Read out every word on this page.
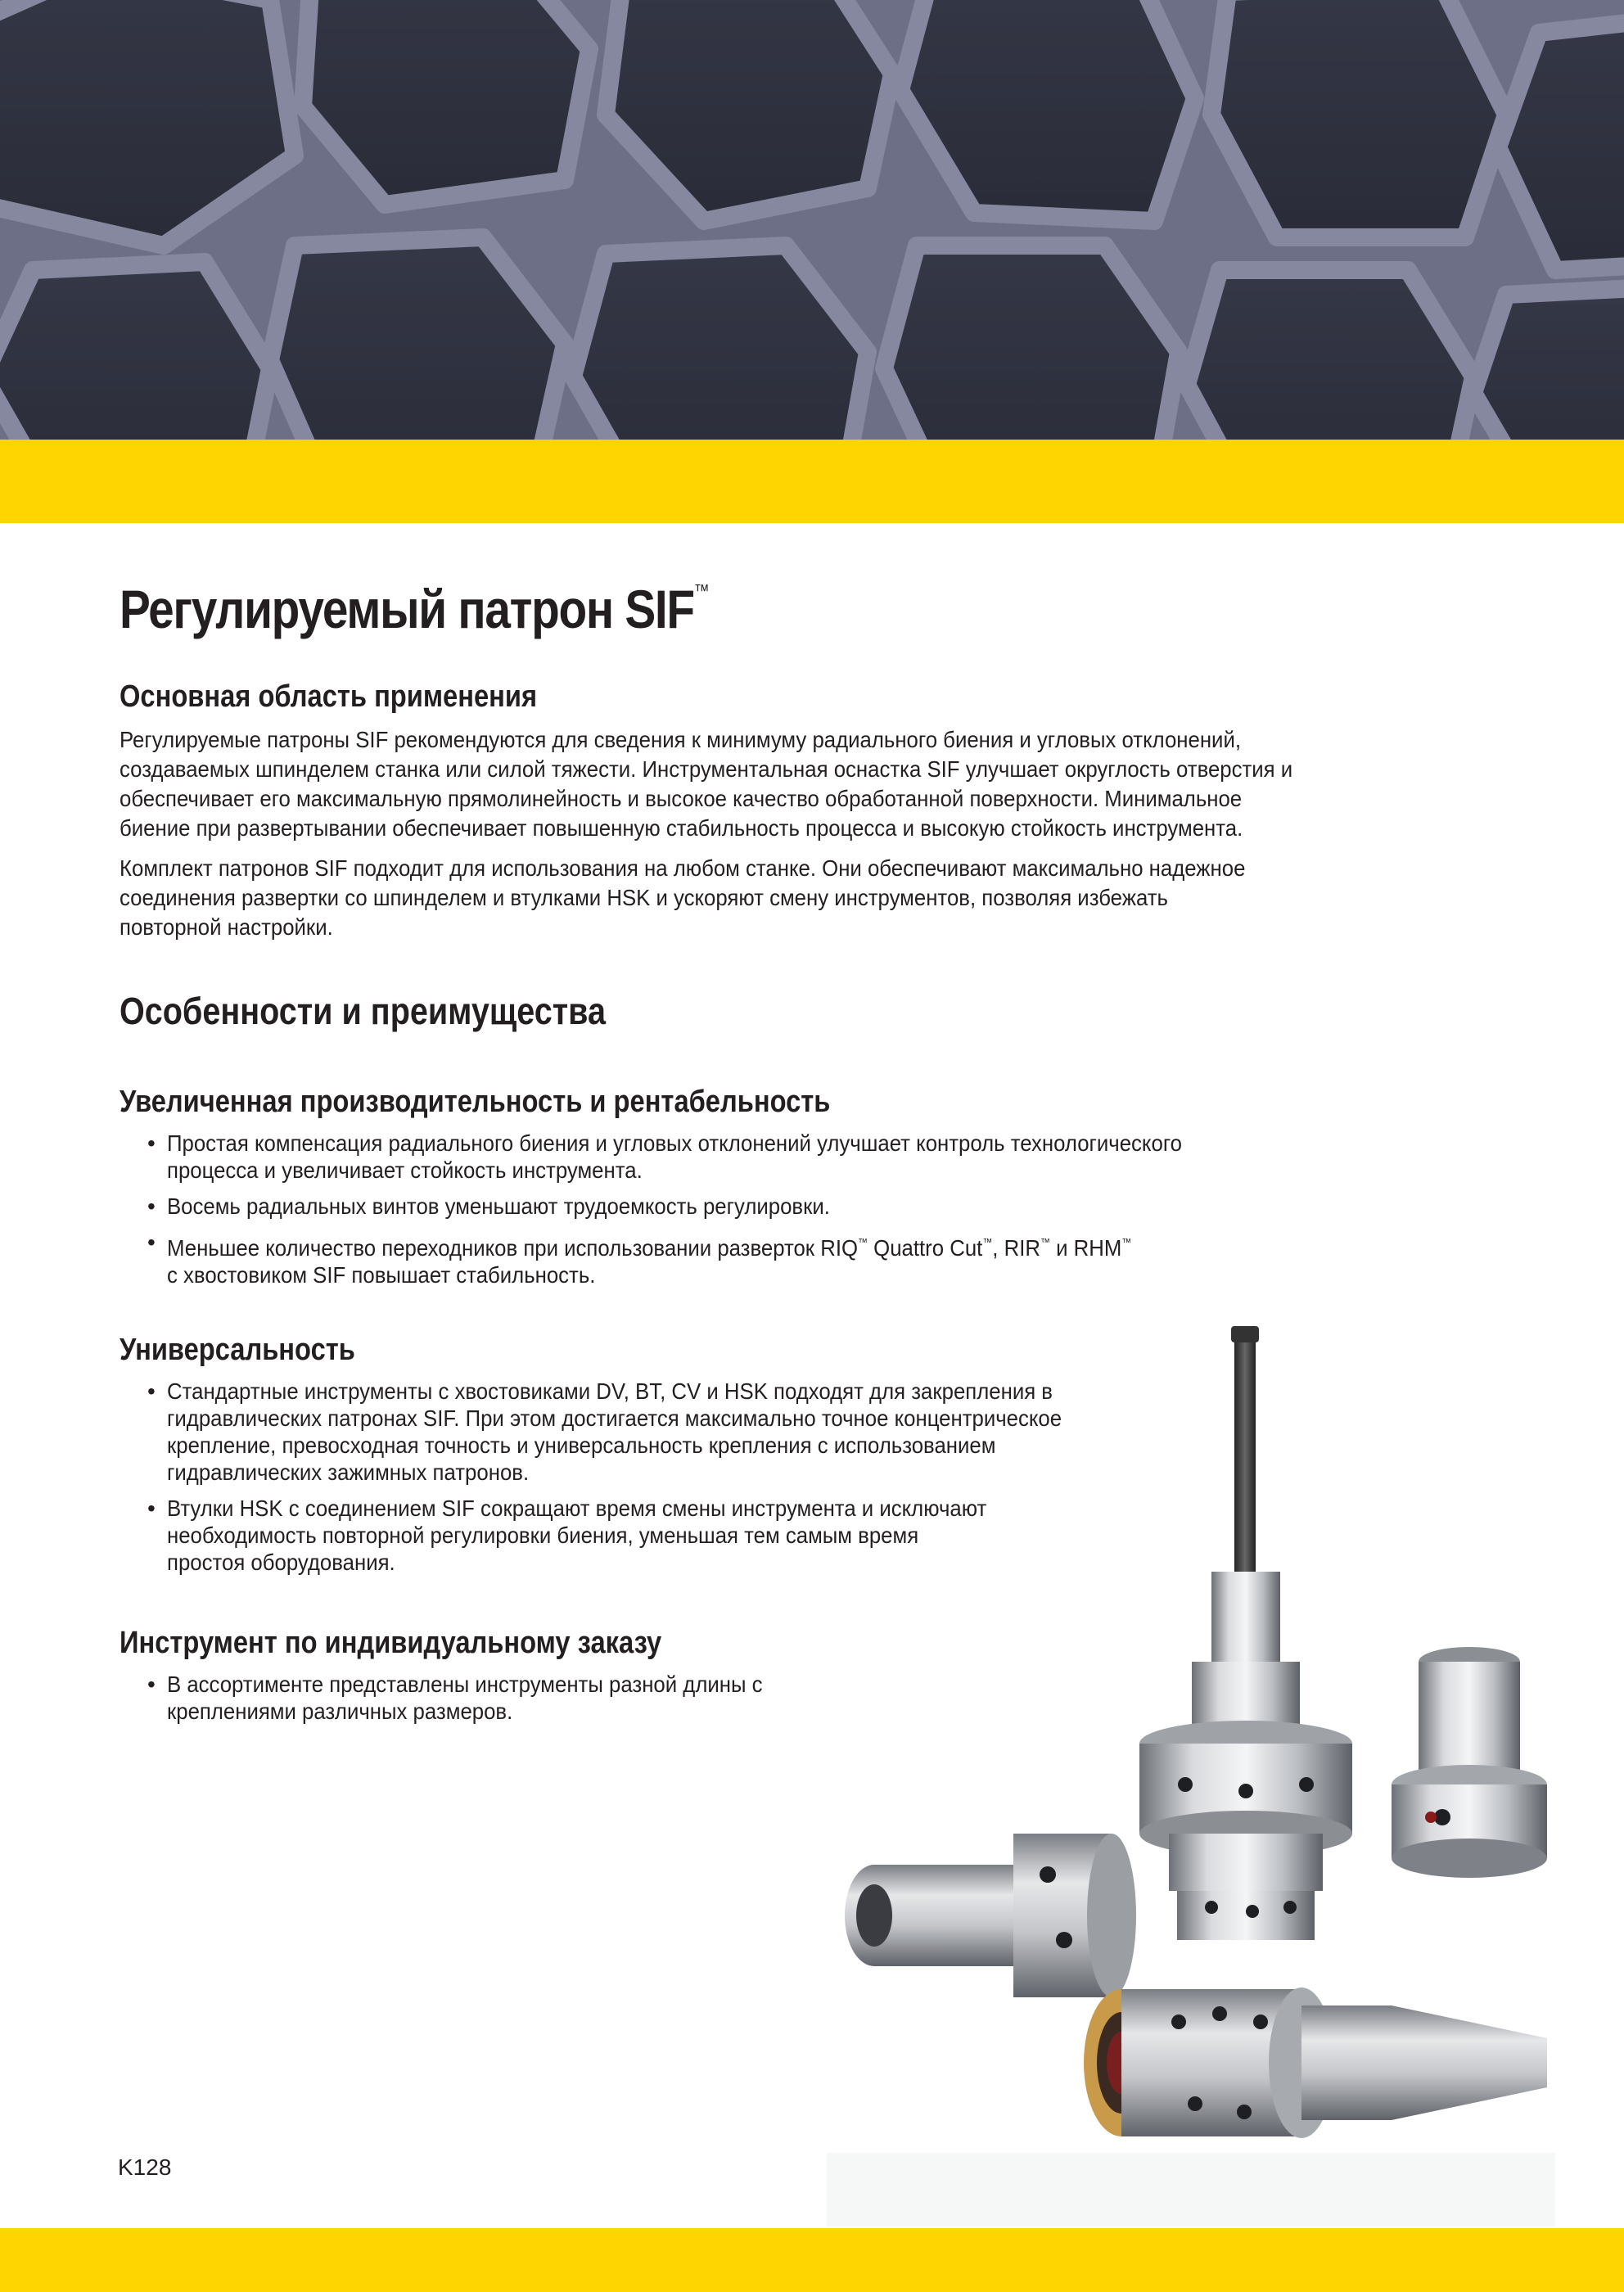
Регулируемый патрон SIF™
Основная область применения
Регулируемые патроны SIF рекомендуются для сведения к минимуму радиального биения и угловых отклонений,
создаваемых шпинделем станка или силой тяжести. Инструментальная оснастка SIF улучшает округлость отверстия и
обеспечивает его максимальную прямолинейность и высокое качество обработанной поверхности. Минимальное
биение при развертывании обеспечивает повышенную стабильность процесса и высокую стойкость инструмента.
Комплект патронов SIF подходит для использования на любом станке. Они обеспечивают максимально надежное
соединения развертки со шпинделем и втулками HSK и ускоряют смену инструментов, позволяя избежать
повторной настройки.
Особенности и преимущества
Увеличенная производительность и рентабельность
• Простая компенсация радиального биения и угловых отклонений улучшает контроль технологического
процесса и увеличивает стойкость инструмента.
• Восемь радиальных винтов уменьшают трудоемкость регулировки.
• Меньшее количество переходников при использовании разверток RIQ™ Quattro Cut™, RIR™ и RHM™
с хвостовиком SIF повышает стабильность.
Универсальность
• Стандартные инструменты с хвостовиками DV, BT, CV и HSK подходят для закрепления в
гидравлических патронах SIF. При этом достигается максимально точное концентрическое
крепление, превосходная точность и универсальность крепления с использованием
гидравлических зажимных патронов.
• Втулки HSK с соединением SIF сокращают время смены инструмента и исключают
необходимость повторной регулировки биения, уменьшая тем самым время
простоя оборудования.
Инструмент по индивидуальному заказу
• В ассортименте представлены инструменты разной длины с
креплениями различных размеров.

K128
